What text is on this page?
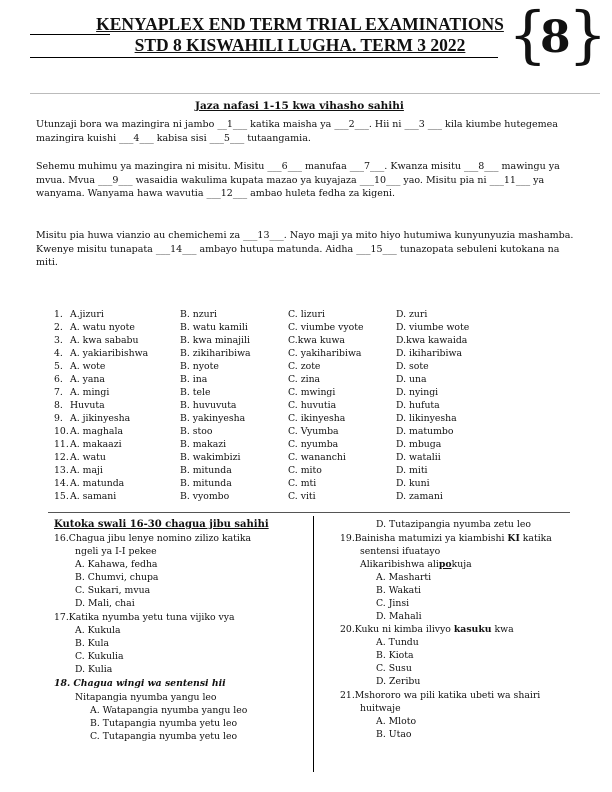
KENYAPLEX END TERM TRIAL EXAMINATIONS
STD 8 KISWAHILI LUGHA. TERM 3 2022 {
8
}
Jaza nafasi 1-15 kwa vihasho sahihi
Utunzaji bora wa mazingira ni jambo __1___ katika maisha ya ___2___. Hii ni ___3 ___ kila kiumbe hutegemea mazingira kuishi ___4___ kabisa sisi ___5___ tutaangamia.
Sehemu muhimu ya mazingira ni misitu. Misitu ___6___ manufaa ___7___. Kwanza misitu ___8___ mawingu ya mvua. Mvua ___9___ wasaidia wakulima kupata mazao ya kuyajaza ___10___ yao. Misitu pia ni ___11___ ya wanyama. Wanyama hawa wavutia ___12___ ambao huleta fedha za kigeni.
Misitu pia huwa vianzio au chemichemi za ___13___. Nayo maji ya mito hiyo hutumiwa kunyunyuzia mashamba. Kwenye misitu tunapata ___14___ ambayo hutupa matunda. Aidha ___15___ tunazopata sebuleni kutokana na miti.
1. A.jizuri	B. nzuri	C. lizuri	D. zuri
2. A. watu nyote	B. watu kamili	C. viumbe vyote	D. viumbe wote
3. A. kwa sababu	B. kwa minajili	C.kwa kuwa	D.kwa kawaida
4. A. yakiaribishwa	B. zikiharibiwa	C. yakiharibiwa	D. ikiharibiwa
5. A. wote	B. nyote	C. zote	D. sote
6. A. yana	B. ina	C. zina	D. una
7. A. mingi	B. tele	C. mwingi	D. nyingi
8. Huvuta	B. huvuvuta	C. huvutia	D. hufuta
9. A. jikinyesha	B. yakinyesha	C. ikinyesha	D. likinyesha
10. A. maghala	B. stoo	C. Vyumba	D. matumbo
11. A. makaazi	B. makazi	C. nyumba	D. mbuga
12. A. watu	B. wakimbizi	C. wananchi	D. watalii
13. A. maji	B. mitunda	C. mito	D. miti
14. A. matunda	B. mitunda	C. mti	D. kuni
15. A. samani	B. vyombo	C. viti	D. zamani
Kutoka swali 16-30 chagua jibu sahihi
16.Chagua jibu lenye nomino zilizo katika
ngeli ya I-I pekee
A. Kahawa, fedha
B. Chumvi, chupa
C. Sukari, mvua
D. Mali, chai
17.Katika nyumba yetu tuna vijiko vya
A. Kukula
B. Kula
C. Kukulia
D. Kulia
18. Chagua wingi wa sentensi hii
Nitapangia nyumba yangu leo
A. Watapangia nyumba yangu leo
B. Tutapangia nyumba yetu leo
C. Tutapangia nyumba yetu leo
D. Tutazipangia nyumba zetu leo
19.Bainisha matumizi ya kiambishi KI katika
sentensi ifuatayo
Alikaribishwa alipokuja
A. Masharti
B. Wakati
C. Jinsi
D. Mahali
20.Kuku ni kimba ilivyo kasuku kwa
A. Tundu
B. Kiota
C. Susu
D. Zeribu
21.Mshororo wa pili katika ubeti wa shairi
huitwaje
A. Mloto
B. Utao
